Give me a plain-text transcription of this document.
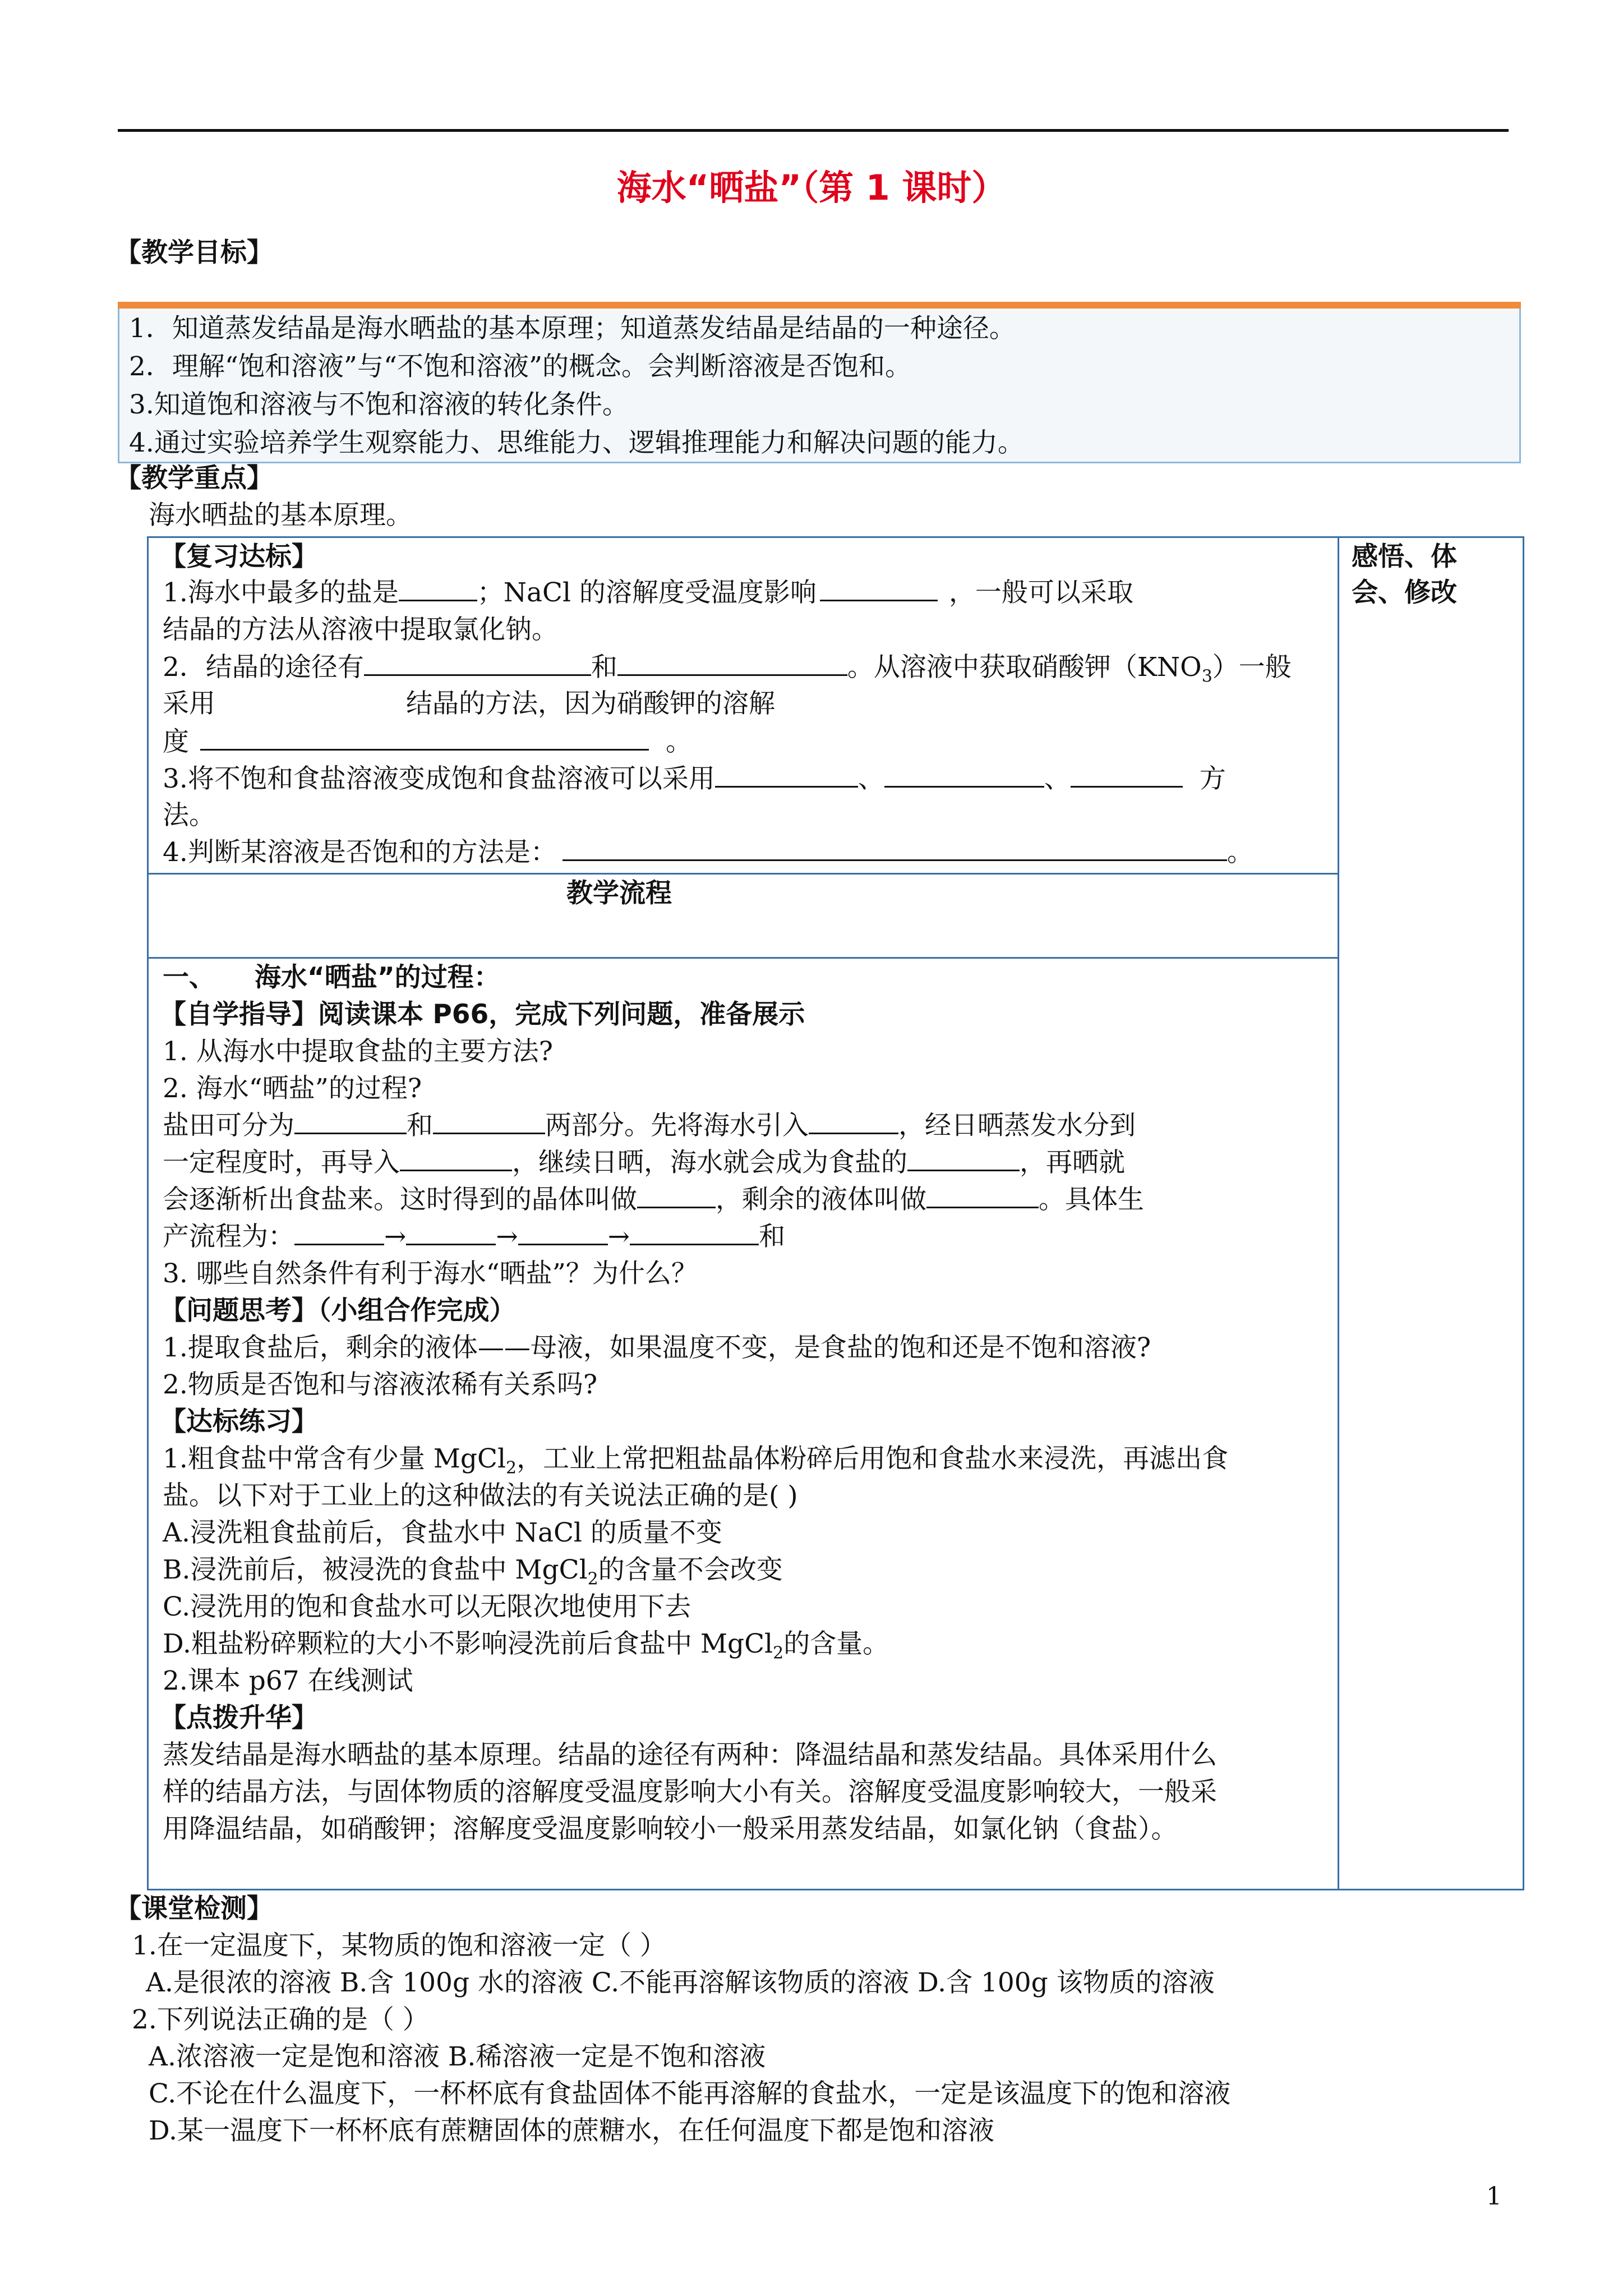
海水“晒盐”（第 1 课时）
【教学目标】
1．知道蒸发结晶是海水晒盐的基本原理；知道蒸发结晶是结晶的一种途径。
2．理解“饱和溶液”与“不饱和溶液”的概念。会判断溶液是否饱和。
3.知道饱和溶液与不饱和溶液的转化条件。
4.通过实验培养学生观察能力、思维能力、逻辑推理能力和解决问题的能力。
【教学重点】
海水晒盐的基本原理。
感悟、体
会、修改
【复习达标】
1.海水中最多的盐是	；NaCl 的溶解度受温度影响	，一般可以采取
结晶的方法从溶液中提取氯化钠。
2．结晶的途径有	和	。从溶液中获取硝酸钾$(KNO_3)$一般
采用	结晶的方法，因为硝酸钾的溶解
度	。
3.将不饱和食盐溶液变成饱和食盐溶液可以采用	、	、	方
法。
4.判断某溶液是否饱和的方法是：	。
教学流程
一、 海水“晒盐”的过程：
【自学指导】阅读课本 P66，完成下列问题，准备展示
1. 从海水中提取食盐的主要方法?
2. 海水“晒盐”的过程?
盐田可分为	和	两部分。先将海水引入	，经日晒蒸发水分到
一定程度时，再导入	，继续日晒，海水就会成为食盐的	，再晒就
会逐渐析出食盐来。这时得到的晶体叫做	，剩余的液体叫做	。具体生
产流程为：	→	→	→	和
3. 哪些自然条件有利于海水“晒盐”？为什么？
【问题思考】（小组合作完成）
1.提取食盐后，剩余的液体——母液，如果温度不变，是食盐的饱和还是不饱和溶液?
2.物质是否饱和与溶液浓稀有关系吗?
【达标练习】
1.粗食盐中常含有少量 MgCl$_2$，工业上常把粗盐晶体粉碎后用饱和食盐水来浸洗，再滤出食
盐。以下对于工业上的这种做法的有关说法正确的是( )
A.浸洗粗食盐前后，食盐水中 NaCl 的质量不变
B.浸洗前后，被浸洗的食盐中 MgCl$_2$的含量不会改变
C.浸洗用的饱和食盐水可以无限次地使用下去
D.粗盐粉碎颗粒的大小不影响浸洗前后食盐中 MgCl$_2$的含量。
2.课本 p67 在线测试
【点拨升华】
蒸发结晶是海水晒盐的基本原理。结晶的途径有两种：降温结晶和蒸发结晶。具体采用什么
样的结晶方法，与固体物质的溶解度受温度影响大小有关。溶解度受温度影响较大，一般采
用降温结晶，如硝酸钾；溶解度受温度影响较小一般采用蒸发结晶，如氯化钠（食盐）。
【课堂检测】
1.在一定温度下，某物质的饱和溶液一定（ ）
A.是很浓的溶液 B.含 100g 水的溶液 C.不能再溶解该物质的溶液 D.含 100g 该物质的溶液
2.下列说法正确的是（ ）
A.浓溶液一定是饱和溶液 B.稀溶液一定是不饱和溶液
C.不论在什么温度下，一杯杯底有食盐固体不能再溶解的食盐水，一定是该温度下的饱和溶液
D.某一温度下一杯杯底有蔗糖固体的蔗糖水，在任何温度下都是饱和溶液
1
